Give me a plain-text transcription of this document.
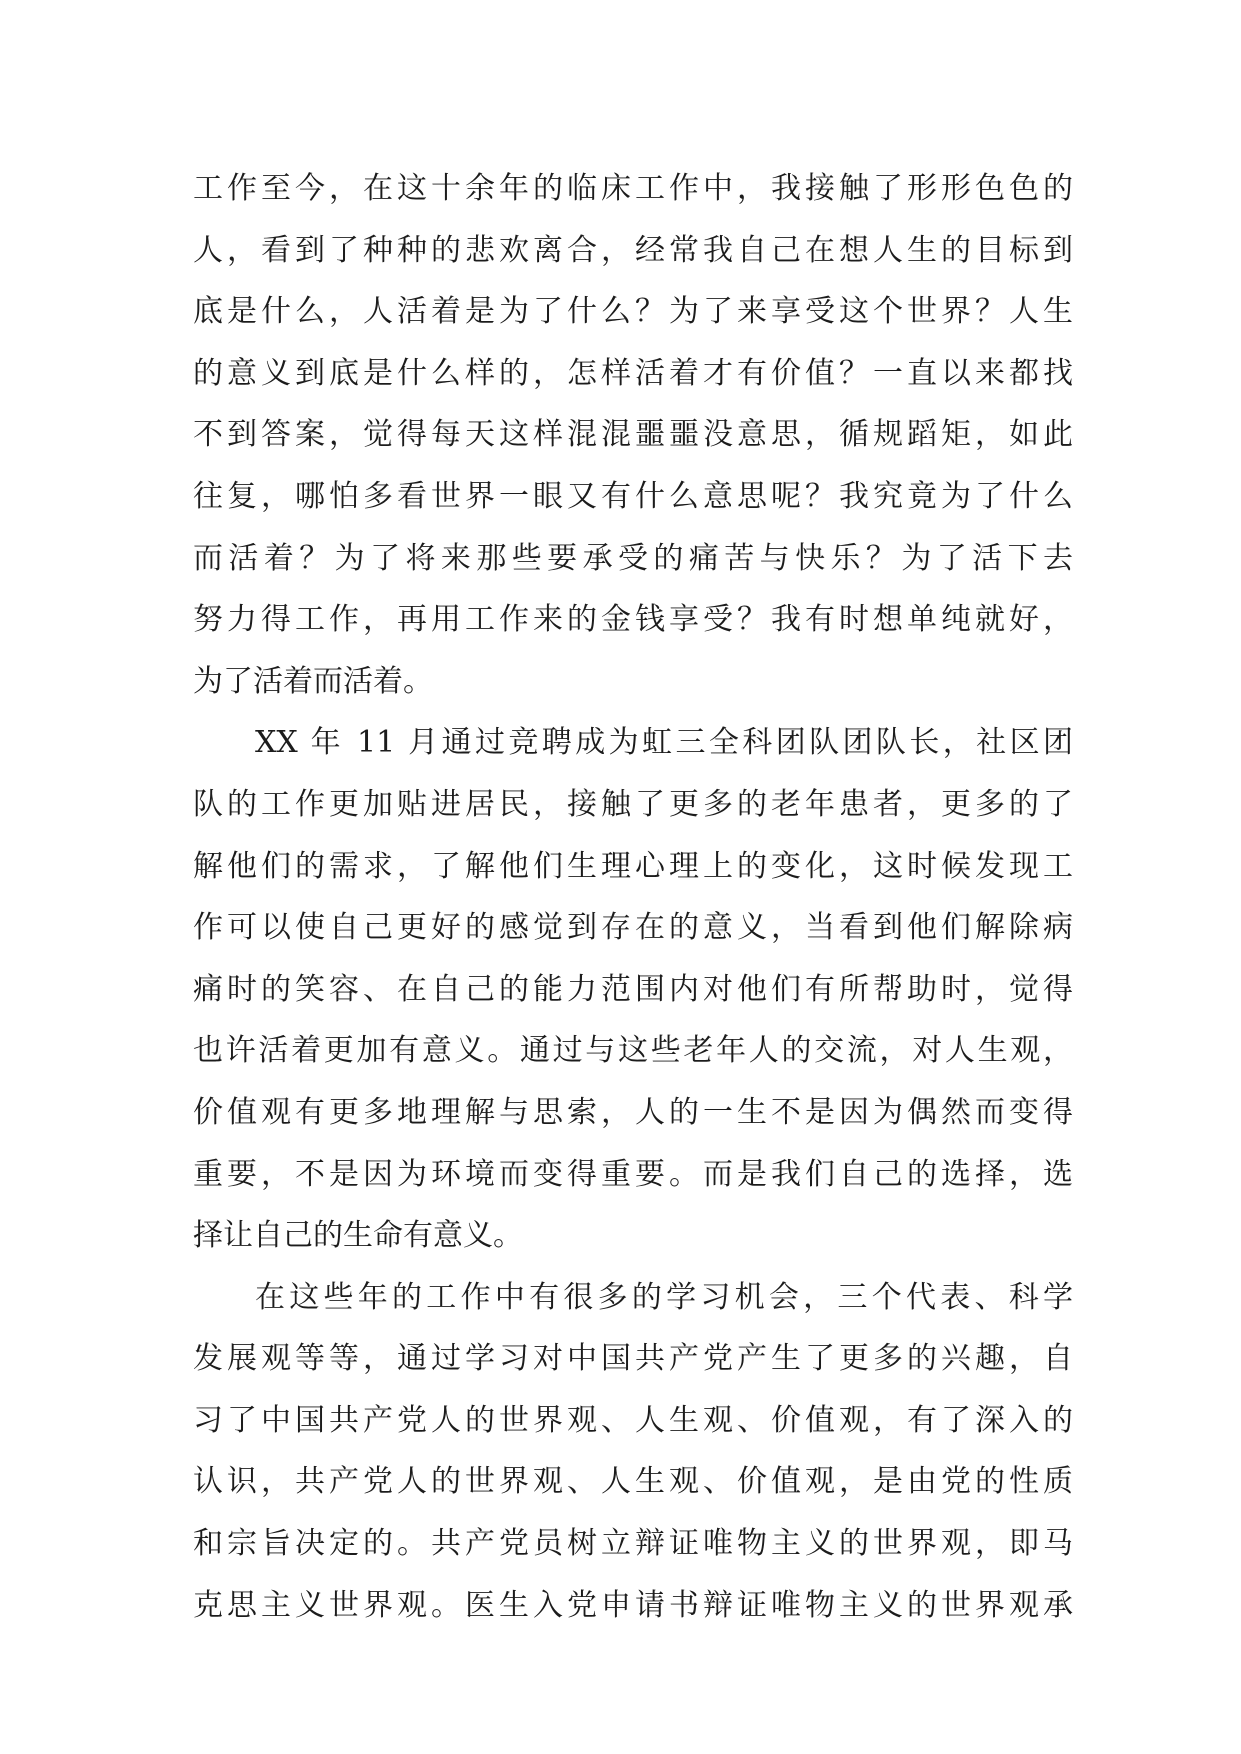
工作至今，在这十余年的临床工作中，我接触了形形色色的
人，看到了种种的悲欢离合，经常我自己在想人生的目标到
底是什么，人活着是为了什么？为了来享受这个世界？人生
的意义到底是什么样的，怎样活着才有价值？一直以来都找
不到答案，觉得每天这样混混噩噩没意思，循规蹈矩，如此
往复，哪怕多看世界一眼又有什么意思呢？我究竟为了什么
而活着？为了将来那些要承受的痛苦与快乐？为了活下去
努力得工作，再用工作来的金钱享受？我有时想单纯就好，
为了活着而活着。
XX 年 11 月通过竞聘成为虹三全科团队团队长，社区团
队的工作更加贴进居民，接触了更多的老年患者，更多的了
解他们的需求，了解他们生理心理上的变化，这时候发现工
作可以使自己更好的感觉到存在的意义，当看到他们解除病
痛时的笑容、在自己的能力范围内对他们有所帮助时，觉得
也许活着更加有意义。通过与这些老年人的交流，对人生观，
价值观有更多地理解与思索，人的一生不是因为偶然而变得
重要，不是因为环境而变得重要。而是我们自己的选择，选
择让自己的生命有意义。
在这些年的工作中有很多的学习机会，三个代表、科学
发展观等等，通过学习对中国共产党产生了更多的兴趣，自
习了中国共产党人的世界观、人生观、价值观，有了深入的
认识，共产党人的世界观、人生观、价值观，是由党的性质
和宗旨决定的。共产党员树立辩证唯物主义的世界观，即马
克思主义世界观。医生入党申请书辩证唯物主义的世界观承
